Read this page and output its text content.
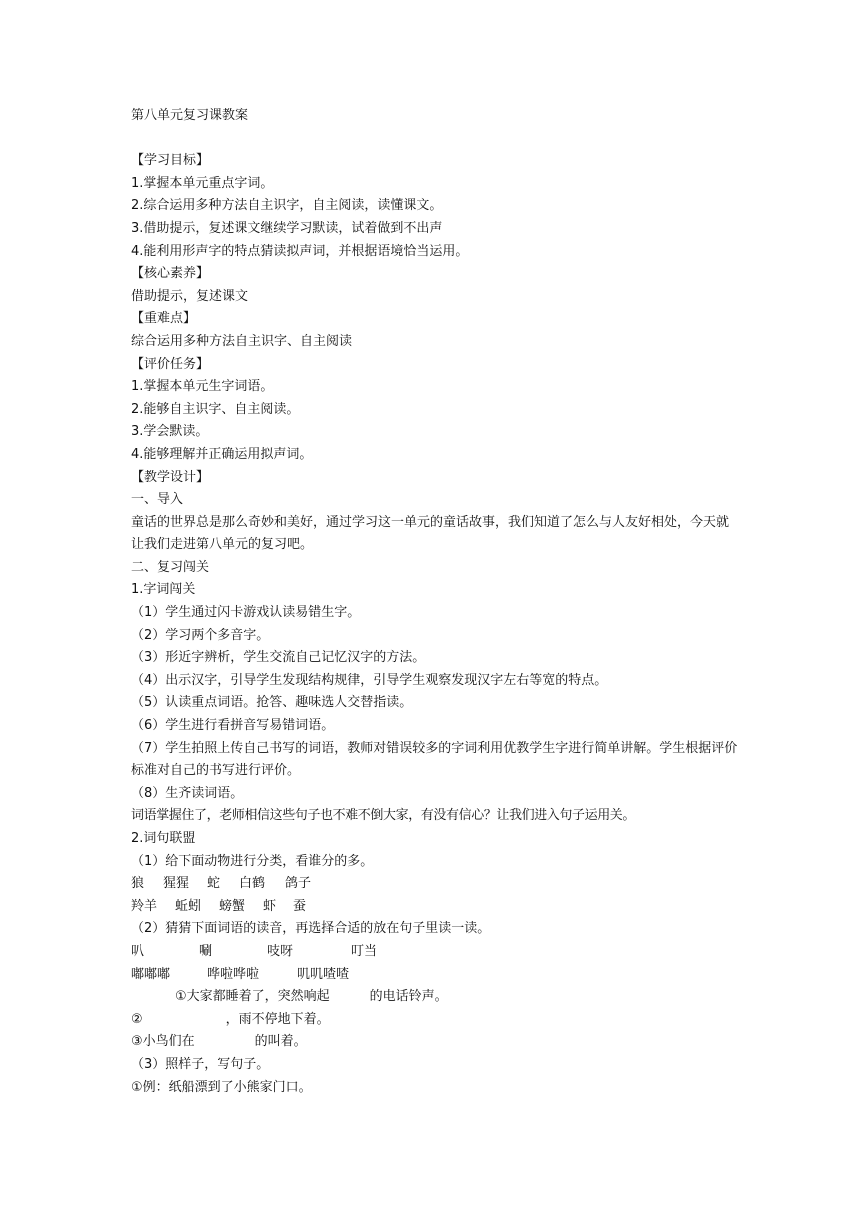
第八单元复习课教案
【学习目标】
1.掌握本单元重点字词。
2.综合运用多种方法自主识字，自主阅读，读懂课文。
3.借助提示，复述课文继续学习默读，试着做到不出声
4.能利用形声字的特点猜读拟声词，并根据语境恰当运用。
【核心素养】
借助提示，复述课文
【重难点】
综合运用多种方法自主识字、自主阅读
【评价任务】
1.掌握本单元生字词语。
2.能够自主识字、自主阅读。
3.学会默读。
4.能够理解并正确运用拟声词。
【教学设计】
一、导入
童话的世界总是那么奇妙和美好，通过学习这一单元的童话故事，我们知道了怎么与人友好相处，今天就让我们走进第八单元的复习吧。
二、复习闯关
1.字词闯关
（1）学生通过闪卡游戏认读易错生字。
（2）学习两个多音字。
（3）形近字辨析，学生交流自己记忆汉字的方法。
（4）出示汉字，引导学生发现结构规律，引导学生观察发现汉字左右等宽的特点。
（5）认读重点词语。抢答、趣味选人交替指读。
（6）学生进行看拼音写易错词语。
（7）学生拍照上传自己书写的词语，教师对错误较多的字词利用优教学生字进行简单讲解。学生根据评价标准对自己的书写进行评价。
（8）生齐读词语。
词语掌握住了，老师相信这些句子也不难不倒大家，有没有信心？让我们进入句子运用关。
2.词句联盟
（1）给下面动物进行分类，看谁分的多。
狼 猩猩 蛇 白鹤 鸽子
羚羊 蚯蚓 螃蟹 虾 蚕
（2）猜猜下面词语的读音，再选择合适的放在句子里读一读。
叭	唰	吱呀	叮当
嘟嘟嘟	哗啦哗啦	叽叽喳喳
①大家都睡着了，突然响起	的电话铃声。
②	，雨不停地下着。
③小鸟们在	的叫着。
（3）照样子，写句子。
①例：纸船漂到了小熊家门口。
